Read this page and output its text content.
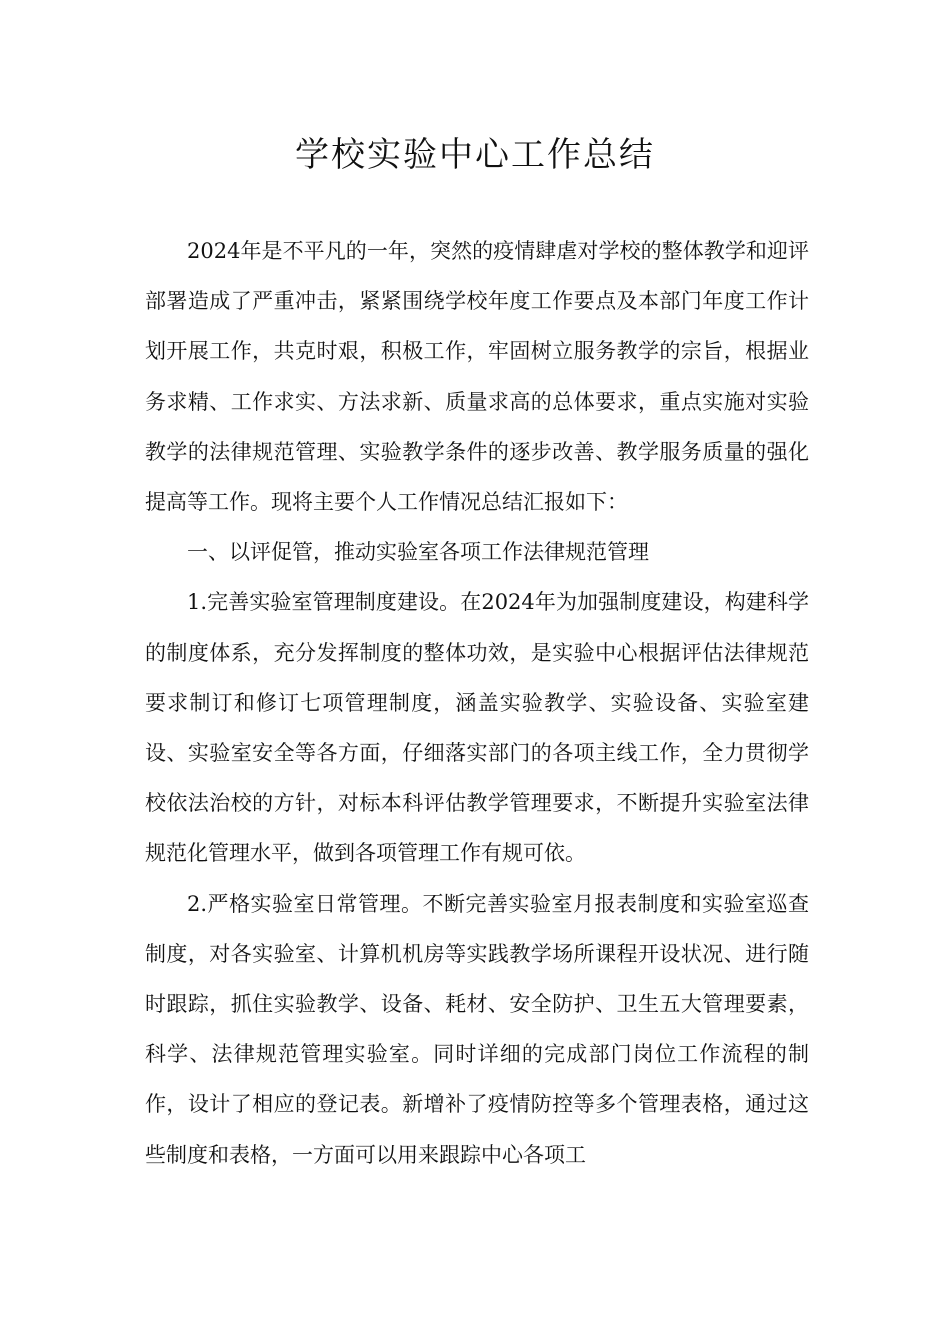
学校实验中心工作总结

2024年是不平凡的一年，突然的疫情肆虐对学校的整体教学和迎评部署造成了严重冲击，紧紧围绕学校年度工作要点及本部门年度工作计划开展工作，共克时艰，积极工作，牢固树立服务教学的宗旨，根据业务求精、工作求实、方法求新、质量求高的总体要求，重点实施对实验教学的法律规范管理、实验教学条件的逐步改善、教学服务质量的强化提高等工作。现将主要个人工作情况总结汇报如下：

一、以评促管，推动实验室各项工作法律规范管理

1.完善实验室管理制度建设。在2024年为加强制度建设，构建科学的制度体系，充分发挥制度的整体功效，是实验中心根据评估法律规范要求制订和修订七项管理制度，涵盖实验教学、实验设备、实验室建设、实验室安全等各方面，仔细落实部门的各项主线工作，全力贯彻学校依法治校的方针，对标本科评估教学管理要求，不断提升实验室法律规范化管理水平，做到各项管理工作有规可依。

2.严格实验室日常管理。不断完善实验室月报表制度和实验室巡查制度，对各实验室、计算机机房等实践教学场所课程开设状况、进行随时跟踪，抓住实验教学、设备、耗材、安全防护、卫生五大管理要素，科学、法律规范管理实验室。同时详细的完成部门岗位工作流程的制作，设计了相应的登记表。新增补了疫情防控等多个管理表格，通过这些制度和表格，一方面可以用来跟踪中心各项工
